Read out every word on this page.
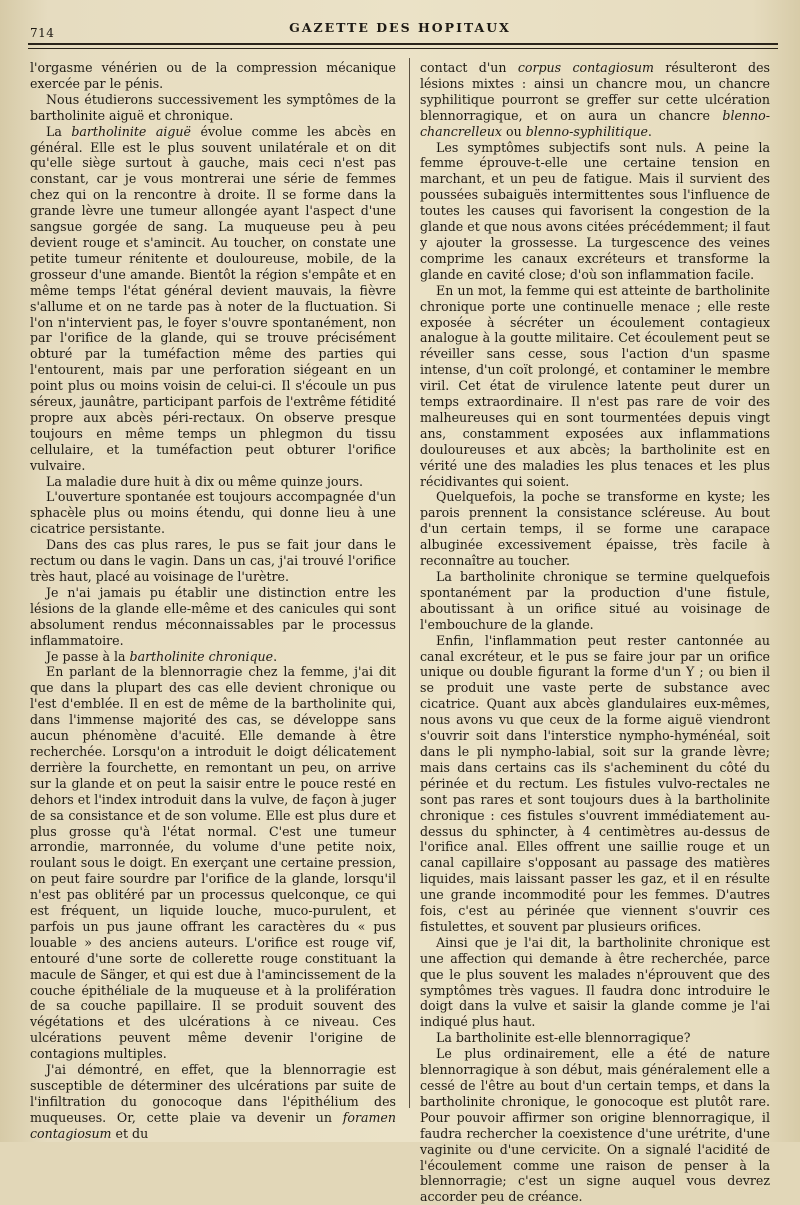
714	GAZETTE DES HOPITAUX

l'orgasme vénérien ou de la compression mécanique exercée par le pénis.

Nous étudierons successivement les symptômes de la bartholinite aiguë et chronique.

La bartholinite aiguë évolue comme les abcès en général. Elle est le plus souvent unilatérale et on dit qu'elle siège surtout à gauche, mais ceci n'est pas constant, car je vous montrerai une série de femmes chez qui on la rencontre à droite. Il se forme dans la grande lèvre une tumeur allongée ayant l'aspect d'une sangsue gorgée de sang. La muqueuse peu à peu devient rouge et s'amincit. Au toucher, on constate une petite tumeur rénitente et douloureuse, mobile, de la grosseur d'une amande. Bientôt la région s'empâte et en même temps l'état général devient mauvais, la fièvre s'allume et on ne tarde pas à noter de la fluctuation. Si l'on n'intervient pas, le foyer s'ouvre spontanément, non par l'orifice de la glande, qui se trouve précisément obturé par la tuméfaction même des parties qui l'entourent, mais par une perforation siégeant en un point plus ou moins voisin de celui-ci. Il s'écoule un pus séreux, jaunâtre, participant parfois de l'extrême fétidité propre aux abcès péri-rectaux. On observe presque toujours en même temps un phlegmon du tissu cellulaire, et la tuméfaction peut obturer l'orifice vulvaire.

La maladie dure huit à dix ou même quinze jours.

L'ouverture spontanée est toujours accompagnée d'un sphacèle plus ou moins étendu, qui donne lieu à une cicatrice persistante.

Dans des cas plus rares, le pus se fait jour dans le rectum ou dans le vagin. Dans un cas, j'ai trouvé l'orifice très haut, placé au voisinage de l'urètre.

Je n'ai jamais pu établir une distinction entre les lésions de la glande elle-même et des canicules qui sont absolument rendus méconnaissables par le processus inflammatoire.

Je passe à la bartholinite chronique.

En parlant de la blennorragie chez la femme, j'ai dit que dans la plupart des cas elle devient chronique ou l'est d'emblée. Il en est de même de la bartholinite qui, dans l'immense majorité des cas, se développe sans aucun phénomène d'acuité. Elle demande à être recherchée. Lorsqu'on a introduit le doigt délicatement derrière la fourchette, en remontant un peu, on arrive sur la glande et on peut la saisir entre le pouce resté en dehors et l'index introduit dans la vulve, de façon à juger de sa consistance et de son volume. Elle est plus dure et plus grosse qu'à l'état normal. C'est une tumeur arrondie, marronnée, du volume d'une petite noix, roulant sous le doigt. En exerçant une certaine pression, on peut faire sourdre par l'orifice de la glande, lorsqu'il n'est pas oblitéré par un processus quelconque, ce qui est fréquent, un liquide louche, muco-purulent, et parfois un pus jaune offrant les caractères du « pus louable » des anciens auteurs. L'orifice est rouge vif, entouré d'une sorte de collerette rouge constituant la macule de Sänger, et qui est due à l'amincissement de la couche épithéliale de la muqueuse et à la prolifération de sa couche papillaire. Il se produit souvent des végétations et des ulcérations à ce niveau. Ces ulcérations peuvent même devenir l'origine de contagions multiples.

J'ai démontré, en effet, que la blennorragie est susceptible de déterminer des ulcérations par suite de l'infiltration du gonocoque dans l'épithélium des muqueuses. Or, cette plaie va devenir un foramen contagiosum et du

contact d'un corpus contagiosum résulteront des lésions mixtes : ainsi un chancre mou, un chancre syphilitique pourront se greffer sur cette ulcération blennorragique, et on aura un chancre blenno-chancrelleux ou blenno-syphilitique.

Les symptômes subjectifs sont nuls. A peine la femme éprouve-t-elle une certaine tension en marchant, et un peu de fatigue. Mais il survient des poussées subaiguës intermittentes sous l'influence de toutes les causes qui favorisent la congestion de la glande et que nous avons citées précédemment; il faut y ajouter la grossesse. La turgescence des veines comprime les canaux excréteurs et transforme la glande en cavité close; d'où son inflammation facile.

En un mot, la femme qui est atteinte de bartholinite chronique porte une continuelle menace ; elle reste exposée à sécréter un écoulement contagieux analogue à la goutte militaire. Cet écoulement peut se réveiller sans cesse, sous l'action d'un spasme intense, d'un coït prolongé, et contaminer le membre viril. Cet état de virulence latente peut durer un temps extraordinaire. Il n'est pas rare de voir des malheureuses qui en sont tourmentées depuis vingt ans, constamment exposées aux inflammations douloureuses et aux abcès; la bartholinite est en vérité une des maladies les plus tenaces et les plus récidivantes qui soient.

Quelquefois, la poche se transforme en kyste; les parois prennent la consistance scléreuse. Au bout d'un certain temps, il se forme une carapace albuginée excessivement épaisse, très facile à reconnaître au toucher.

La bartholinite chronique se termine quelquefois spontanément par la production d'une fistule, aboutissant à un orifice situé au voisinage de l'embouchure de la glande.

Enfin, l'inflammation peut rester cantonnée au canal excréteur, et le pus se faire jour par un orifice unique ou double figurant la forme d'un Y ; ou bien il se produit une vaste perte de substance avec cicatrice. Quant aux abcès glandulaires eux-mêmes, nous avons vu que ceux de la forme aiguë viendront s'ouvrir soit dans l'interstice nympho-hyménéal, soit dans le pli nympho-labial, soit sur la grande lèvre; mais dans certains cas ils s'acheminent du côté du périnée et du rectum. Les fistules vulvo-rectales ne sont pas rares et sont toujours dues à la bartholinite chronique : ces fistules s'ouvrent immédiatement au-dessus du sphincter, à 4 centimètres au-dessus de l'orifice anal. Elles offrent une saillie rouge et un canal capillaire s'opposant au passage des matières liquides, mais laissant passer les gaz, et il en résulte une grande incommodité pour les femmes. D'autres fois, c'est au périnée que viennent s'ouvrir ces fistulettes, et souvent par plusieurs orifices.

Ainsi que je l'ai dit, la bartholinite chronique est une affection qui demande à être recherchée, parce que le plus souvent les malades n'éprouvent que des symptômes très vagues. Il faudra donc introduire le doigt dans la vulve et saisir la glande comme je l'ai indiqué plus haut.

La bartholinite est-elle blennorragique?

Le plus ordinairement, elle a été de nature blennorragique à son début, mais généralement elle a cessé de l'être au bout d'un certain temps, et dans la bartholinite chronique, le gonocoque est plutôt rare. Pour pouvoir affirmer son origine blennorragique, il faudra rechercher la coexistence d'une urétrite, d'une vaginite ou d'une cervicite. On a signalé l'acidité de l'écoulement comme une raison de penser à la blennorragie; c'est un signe auquel vous devrez accorder peu de créance.
